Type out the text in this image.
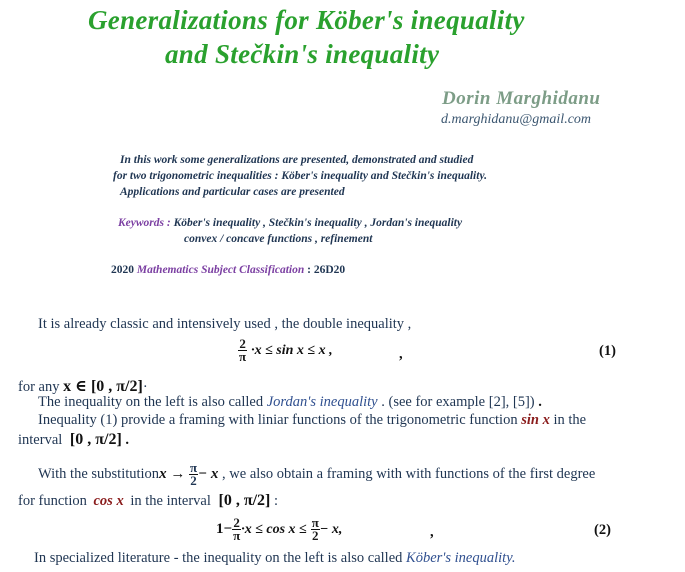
Generalizations for Köber's inequality
and Stečkin's inequality
Dorin Marghidanu
d.marghidanu@gmail.com
In this work some generalizations are presented, demonstrated and studied
for two trigonometric inequalities : Köber's inequality and Stečkin's inequality.
Applications and particular cases are presented
Keywords : Köber's inequality , Stečkin's inequality , Jordan's inequality
convex / concave functions , refinement
2020 Mathematics Subject Classification : 26D20
It is already classic and intensively used , the double inequality ,
$\frac{2}{\pi} \cdot x \le \sin x \le x$ ,	,	(1)
for any x ∈ [0 , π/2]·
The inequality on the left is also called Jordan's inequality . (see for example [2], [5]) .
Inequality (1) provide a framing with liniar functions of the trigonometric function sin x in the
interval [0 , π/2] .
With the substitutionx → $\frac{\pi}{2} - x$ , we also obtain a framing with with functions of the first degree
for function cos x in the interval [0 , π/2] :
$1- \frac{2}{\pi} \cdot x \le \cos x \le \frac{\pi}{2} - x$,	,	(2)
In specialized literature - the inequality on the left is also called Köber's inequality.
